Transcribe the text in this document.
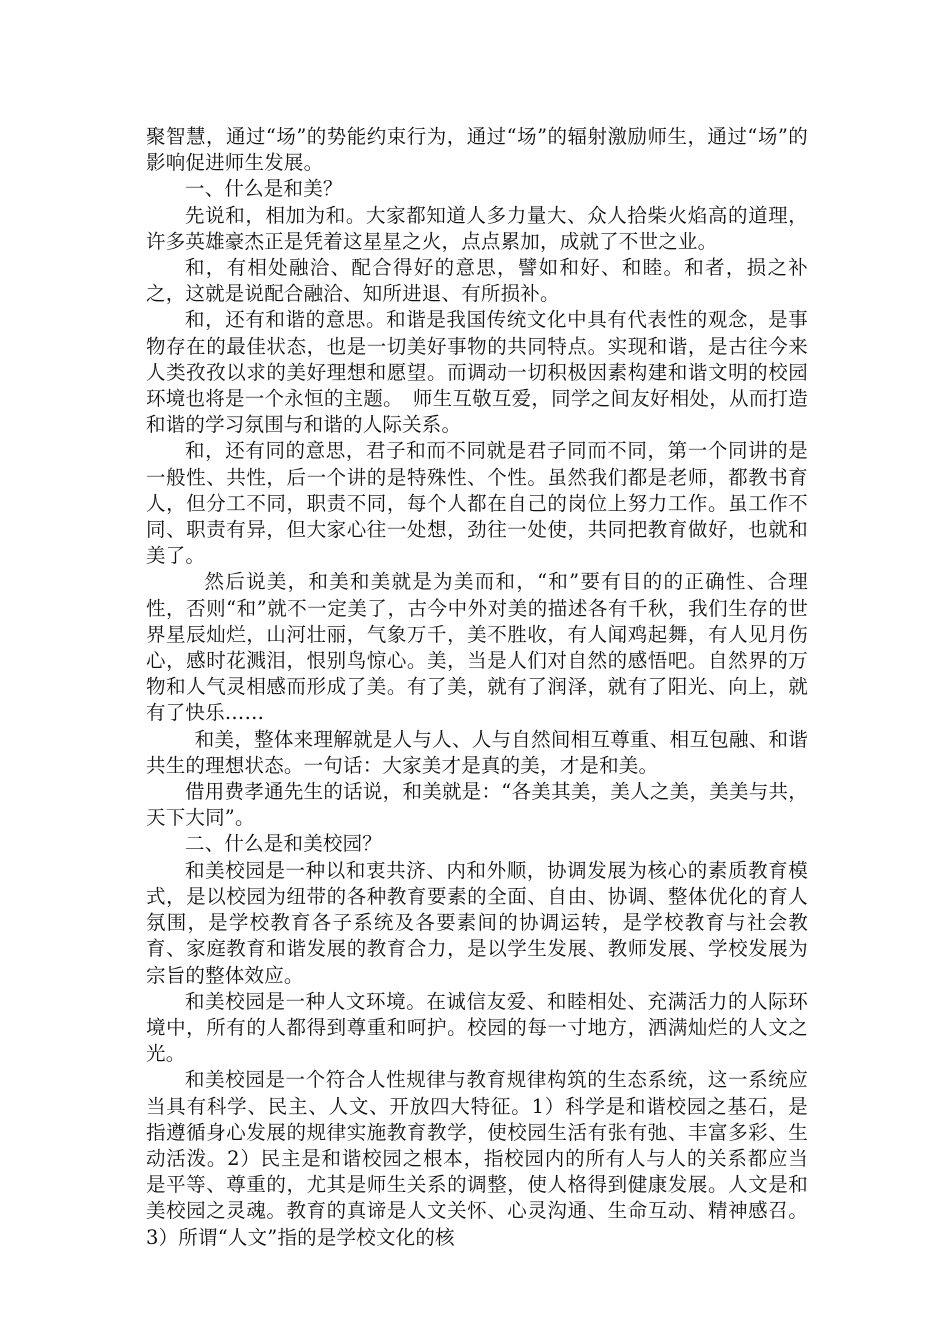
聚智慧，通过“场”的势能约束行为，通过“场”的辐射激励师生，通过“场”的影响促进师生发展。

一、什么是和美？

先说和，相加为和。大家都知道人多力量大、众人拾柴火焰高的道理，许多英雄豪杰正是凭着这星星之火，点点累加，成就了不世之业。

和，有相处融洽、配合得好的意思，譬如和好、和睦。和者，损之补之，这就是说配合融洽、知所进退、有所损补。

和，还有和谐的意思。和谐是我国传统文化中具有代表性的观念，是事物存在的最佳状态，也是一切美好事物的共同特点。实现和谐，是古往今来人类孜孜以求的美好理想和愿望。而调动一切积极因素构建和谐文明的校园环境也将是一个永恒的主题。　师生互敬互爱，同学之间友好相处，从而打造和谐的学习氛围与和谐的人际关系。

和，还有同的意思，君子和而不同就是君子同而不同，第一个同讲的是一般性、共性，后一个讲的是特殊性、个性。虽然我们都是老师，都教书育人，但分工不同，职责不同，每个人都在自己的岗位上努力工作。虽工作不同、职责有异，但大家心往一处想，劲往一处使，共同把教育做好，也就和美了。

然后说美，和美和美就是为美而和，“和”要有目的的正确性、合理性，否则“和”就不一定美了，古今中外对美的描述各有千秋，我们生存的世界星辰灿烂，山河壮丽，气象万千，美不胜收，有人闻鸡起舞，有人见月伤心，感时花溅泪，恨别鸟惊心。美，当是人们对自然的感悟吧。自然界的万物和人气灵相感而形成了美。有了美，就有了润泽，就有了阳光、向上，就有了快乐……

和美，整体来理解就是人与人、人与自然间相互尊重、相互包融、和谐共生的理想状态。一句话：大家美才是真的美，才是和美。

借用费孝通先生的话说，和美就是：“各美其美，美人之美，美美与共，天下大同”。

二、什么是和美校园？

和美校园是一种以和衷共济、内和外顺，协调发展为核心的素质教育模式，是以校园为纽带的各种教育要素的全面、自由、协调、整体优化的育人氛围，是学校教育各子系统及各要素间的协调运转，是学校教育与社会教育、家庭教育和谐发展的教育合力，是以学生发展、教师发展、学校发展为宗旨的整体效应。

和美校园是一种人文环境。在诚信友爱、和睦相处、充满活力的人际环境中，所有的人都得到尊重和呵护。校园的每一寸地方，洒满灿烂的人文之光。

和美校园是一个符合人性规律与教育规律构筑的生态系统，这一系统应当具有科学、民主、人文、开放四大特征。1）科学是和谐校园之基石，是指遵循身心发展的规律实施教育教学，使校园生活有张有弛、丰富多彩、生动活泼。2）民主是和谐校园之根本，指校园内的所有人与人的关系都应当是平等、尊重的，尤其是师生关系的调整，使人格得到健康发展。人文是和美校园之灵魂。教育的真谛是人文关怀、心灵沟通、生命互动、精神感召。3）所谓“人文”指的是学校文化的核
